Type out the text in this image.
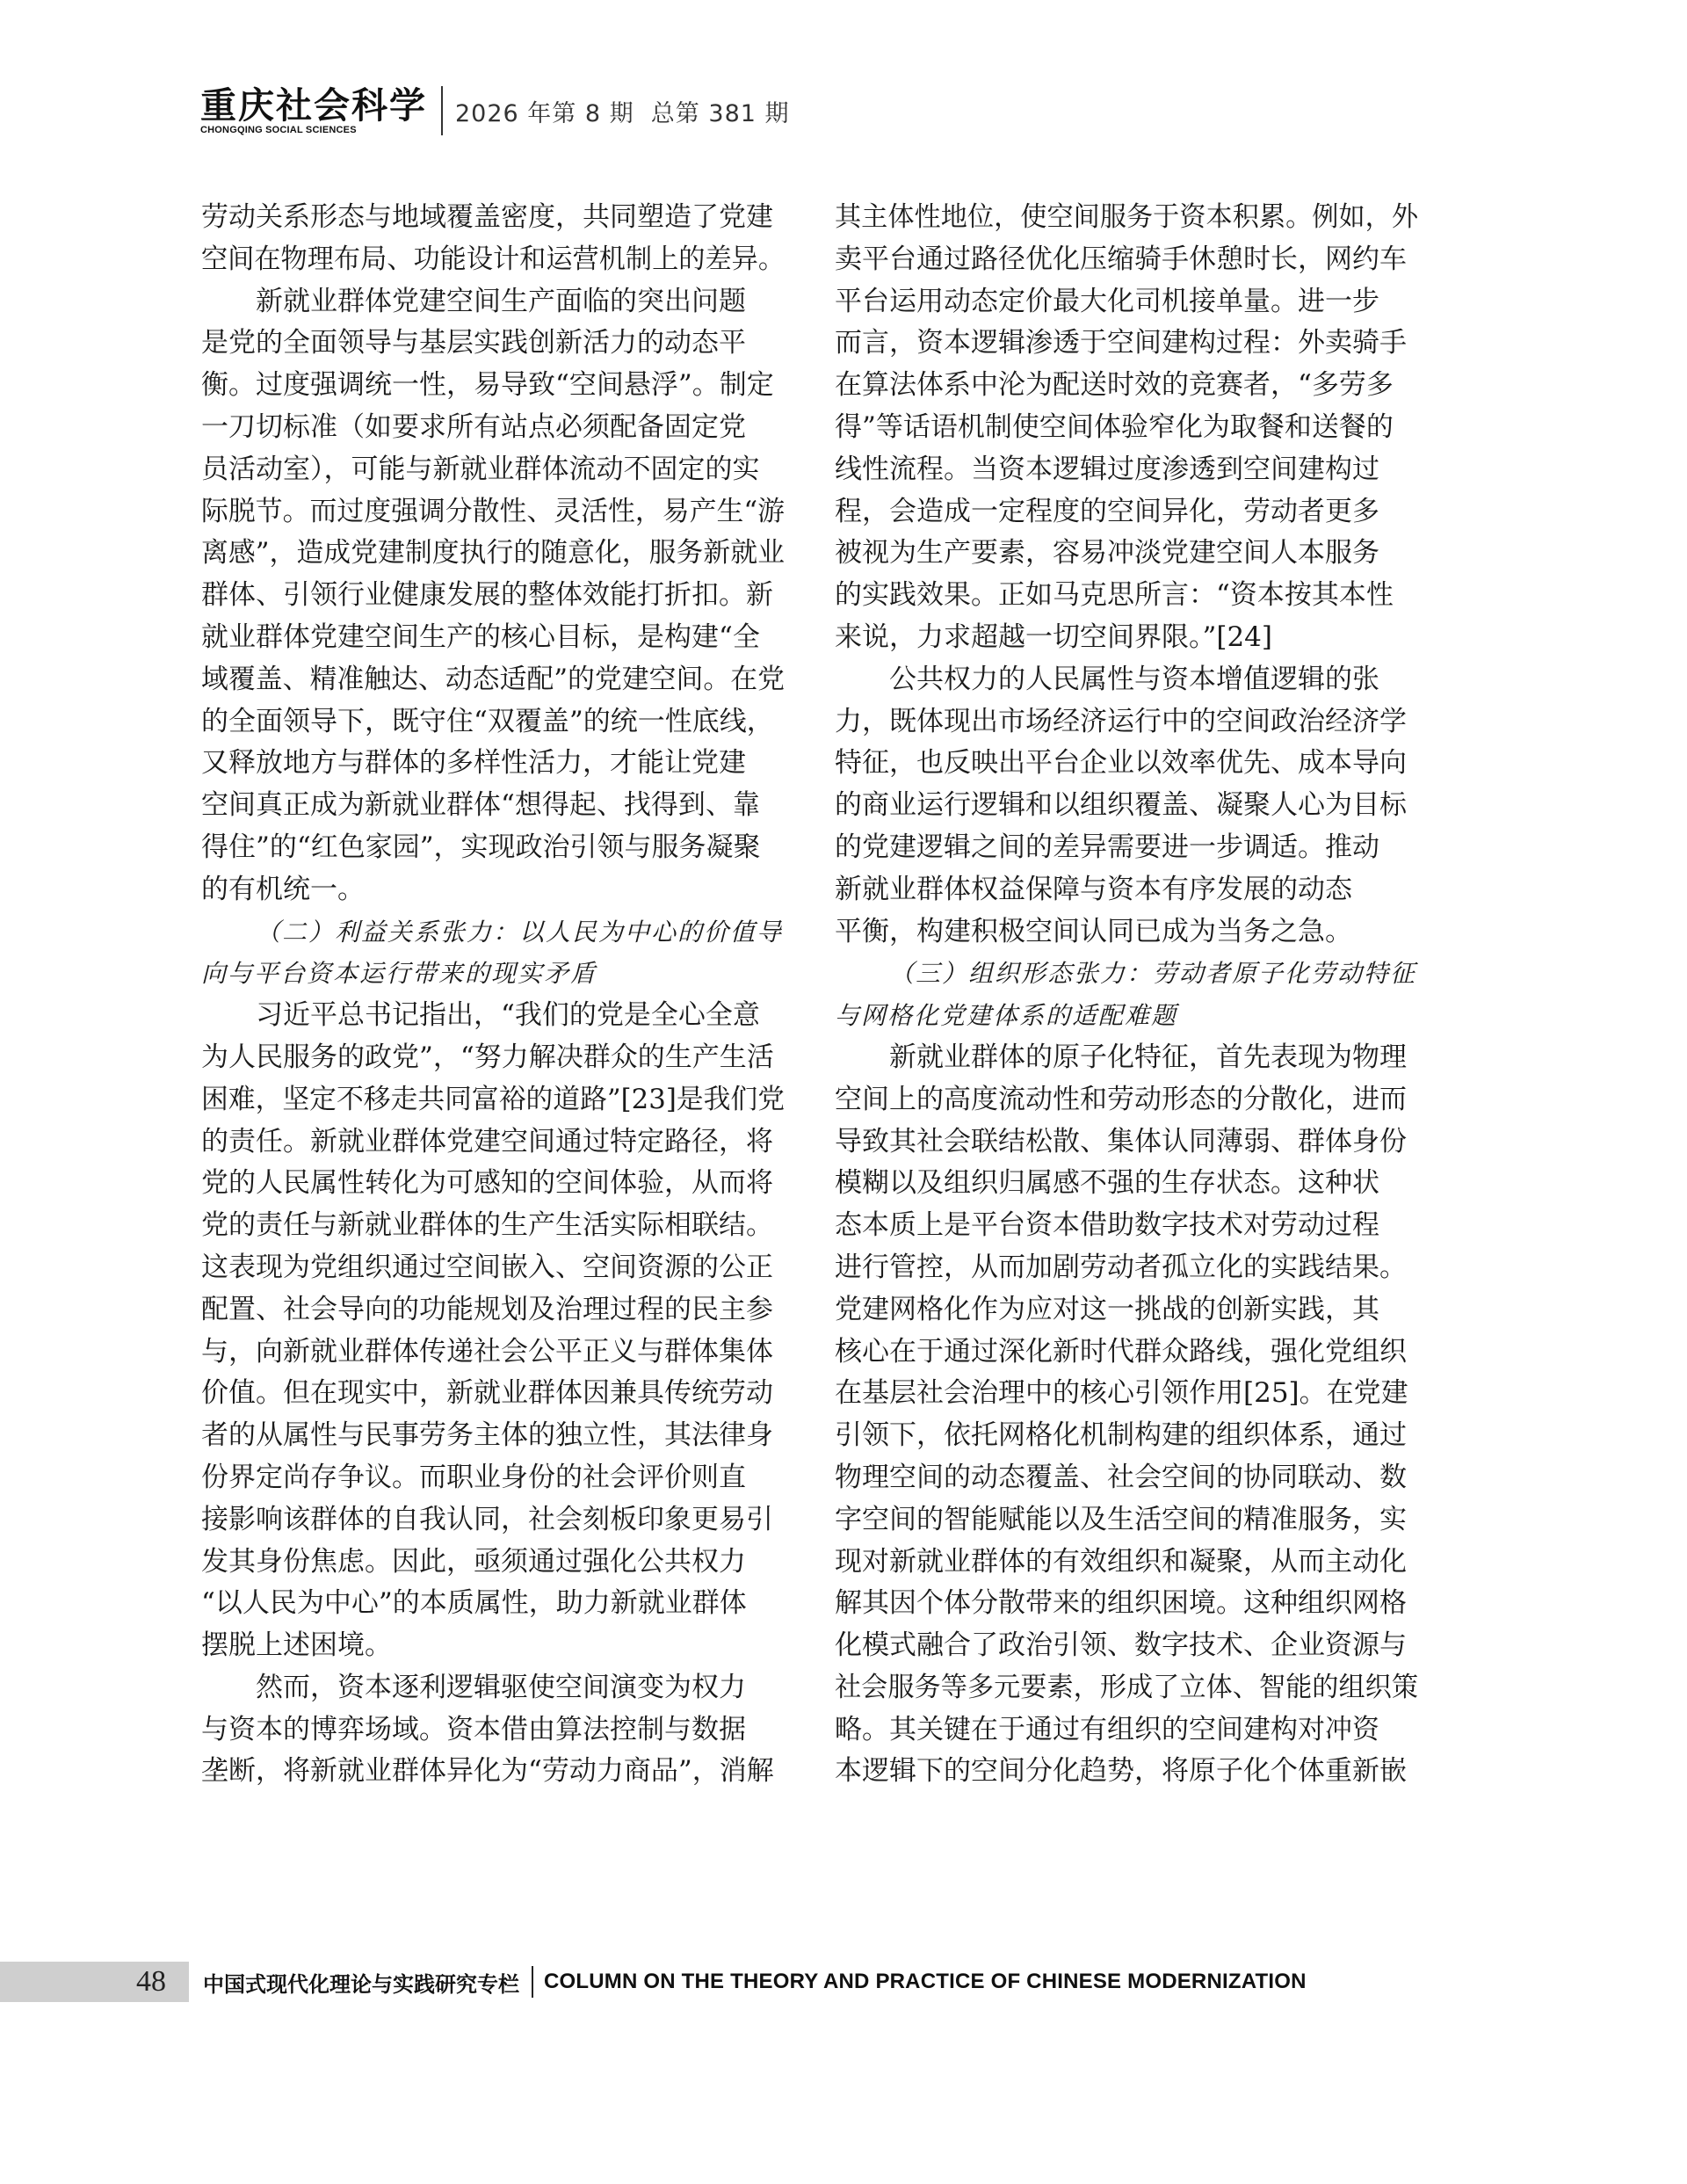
重庆社会科学
CHONGQING SOCIAL SCIENCES
2026 年第 8 期  总第 381 期
劳动关系形态与地域覆盖密度，共同塑造了党建
空间在物理布局、功能设计和运营机制上的差异。
新就业群体党建空间生产面临的突出问题
是党的全面领导与基层实践创新活力的动态平
衡。过度强调统一性，易导致“空间悬浮”。制定
一刀切标准（如要求所有站点必须配备固定党
员活动室），可能与新就业群体流动不固定的实
际脱节。而过度强调分散性、灵活性，易产生“游
离感”，造成党建制度执行的随意化，服务新就业
群体、引领行业健康发展的整体效能打折扣。新
就业群体党建空间生产的核心目标，是构建“全
域覆盖、精准触达、动态适配”的党建空间。在党
的全面领导下，既守住“双覆盖”的统一性底线，
又释放地方与群体的多样性活力，才能让党建
空间真正成为新就业群体“想得起、找得到、靠
得住”的“红色家园”，实现政治引领与服务凝聚
的有机统一。
（二）利益关系张力：以人民为中心的价值导
向与平台资本运行带来的现实矛盾
习近平总书记指出，“我们的党是全心全意
为人民服务的政党”，“努力解决群众的生产生活
困难，坚定不移走共同富裕的道路”[23]是我们党
的责任。新就业群体党建空间通过特定路径，将
党的人民属性转化为可感知的空间体验，从而将
党的责任与新就业群体的生产生活实际相联结。
这表现为党组织通过空间嵌入、空间资源的公正
配置、社会导向的功能规划及治理过程的民主参
与，向新就业群体传递社会公平正义与群体集体
价值。但在现实中，新就业群体因兼具传统劳动
者的从属性与民事劳务主体的独立性，其法律身
份界定尚存争议。而职业身份的社会评价则直
接影响该群体的自我认同，社会刻板印象更易引
发其身份焦虑。因此，亟须通过强化公共权力
“以人民为中心”的本质属性，助力新就业群体
摆脱上述困境。
然而，资本逐利逻辑驱使空间演变为权力
与资本的博弈场域。资本借由算法控制与数据
垄断，将新就业群体异化为“劳动力商品”，消解
其主体性地位，使空间服务于资本积累。例如，外
卖平台通过路径优化压缩骑手休憩时长，网约车
平台运用动态定价最大化司机接单量。进一步
而言，资本逻辑渗透于空间建构过程：外卖骑手
在算法体系中沦为配送时效的竞赛者，“多劳多
得”等话语机制使空间体验窄化为取餐和送餐的
线性流程。当资本逻辑过度渗透到空间建构过
程，会造成一定程度的空间异化，劳动者更多
被视为生产要素，容易冲淡党建空间人本服务
的实践效果。正如马克思所言：“资本按其本性
来说，力求超越一切空间界限。”[24]
公共权力的人民属性与资本增值逻辑的张
力，既体现出市场经济运行中的空间政治经济学
特征，也反映出平台企业以效率优先、成本导向
的商业运行逻辑和以组织覆盖、凝聚人心为目标
的党建逻辑之间的差异需要进一步调适。推动
新就业群体权益保障与资本有序发展的动态
平衡，构建积极空间认同已成为当务之急。
（三）组织形态张力：劳动者原子化劳动特征
与网格化党建体系的适配难题
新就业群体的原子化特征，首先表现为物理
空间上的高度流动性和劳动形态的分散化，进而
导致其社会联结松散、集体认同薄弱、群体身份
模糊以及组织归属感不强的生存状态。这种状
态本质上是平台资本借助数字技术对劳动过程
进行管控，从而加剧劳动者孤立化的实践结果。
党建网格化作为应对这一挑战的创新实践，其
核心在于通过深化新时代群众路线，强化党组织
在基层社会治理中的核心引领作用[25]。在党建
引领下，依托网格化机制构建的组织体系，通过
物理空间的动态覆盖、社会空间的协同联动、数
字空间的智能赋能以及生活空间的精准服务，实
现对新就业群体的有效组织和凝聚，从而主动化
解其因个体分散带来的组织困境。这种组织网格
化模式融合了政治引领、数字技术、企业资源与
社会服务等多元要素，形成了立体、智能的组织策
略。其关键在于通过有组织的空间建构对冲资
本逻辑下的空间分化趋势，将原子化个体重新嵌
48	中国式现代化理论与实践研究专栏 COLUMN ON THE THEORY AND PRACTICE OF CHINESE MODERNIZATION
